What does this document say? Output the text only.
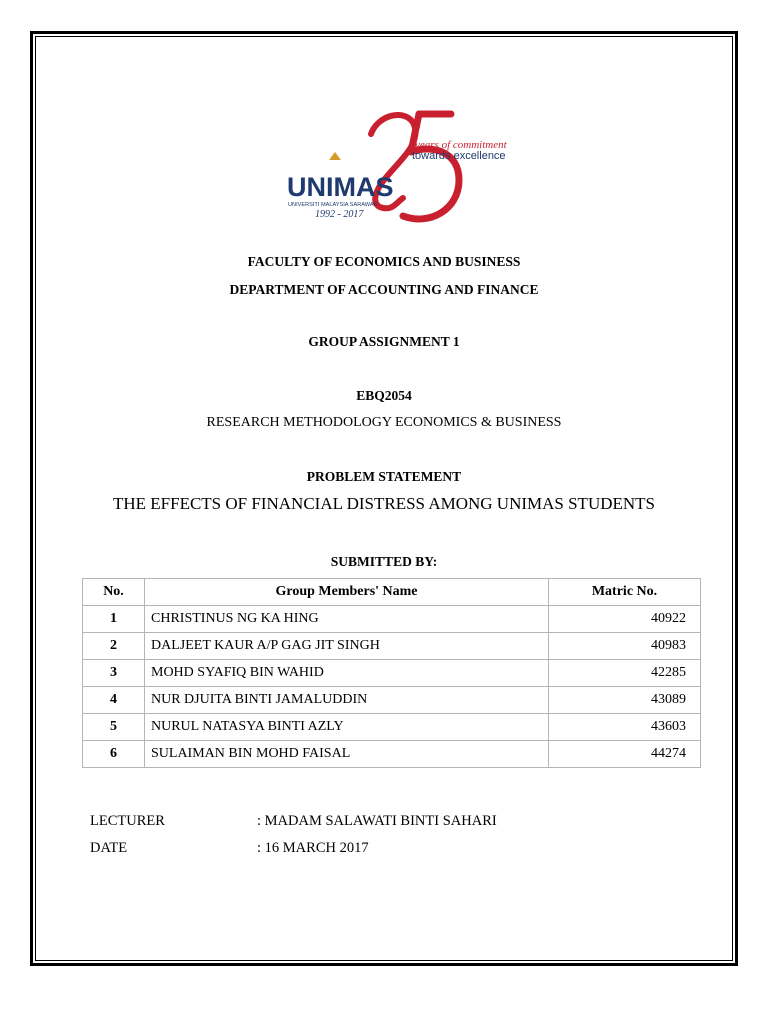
UNIMAS
UNIVERSITI MALAYSIA SARAWAK
1992 - 2017
years of commitment
towards excellence
FACULTY OF ECONOMICS AND BUSINESS
DEPARTMENT OF ACCOUNTING AND FINANCE
GROUP ASSIGNMENT 1
EBQ2054
RESEARCH METHODOLOGY ECONOMICS & BUSINESS
PROBLEM STATEMENT
THE EFFECTS OF FINANCIAL DISTRESS AMONG UNIMAS STUDENTS
SUBMITTED BY:
No.	Group Members' Name	Matric No.
1	CHRISTINUS NG KA HING	40922
2	DALJEET KAUR A/P GAG JIT SINGH	40983
3	MOHD SYAFIQ BIN WAHID	42285
4	NUR DJUITA BINTI JAMALUDDIN	43089
5	NURUL NATASYA BINTI AZLY	43603
6	SULAIMAN BIN MOHD FAISAL	44274
LECTURER	: MADAM SALAWATI BINTI SAHARI
DATE	: 16 MARCH 2017
